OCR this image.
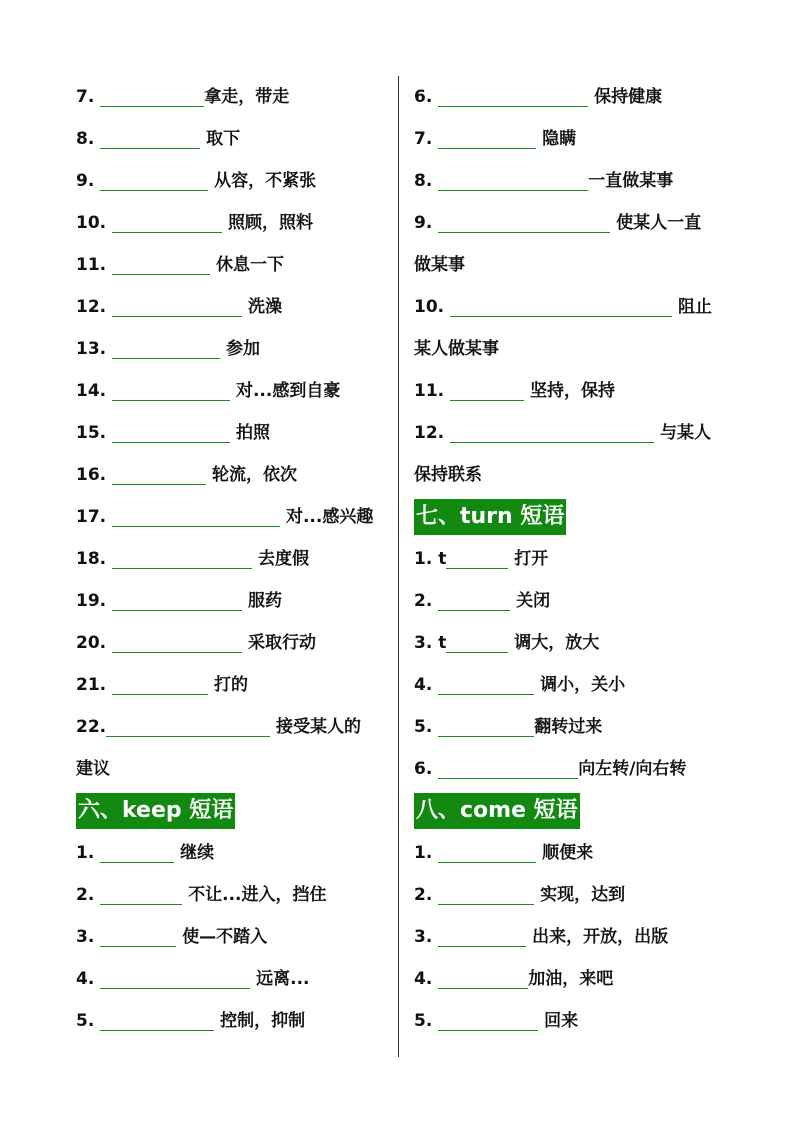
7.	拿走，带走
8.	取下
9.	从容，不紧张
10.	照顾，照料
11.	休息一下
12.	洗澡
13.	参加
14.	对...感到自豪
15.	拍照
16.	轮流，依次
17.	对...感兴趣
18.	去度假
19.	服药
20.	采取行动
21.	打的
22.	接受某人的
建议
六、keep 短语
1.	继续
2.	不让...进入，挡住
3.	使—不踏入
4.	远离...
5.	控制，抑制
6.	保持健康
7.	隐瞒
8.	一直做某事
9.	使某人一直
做某事
10.	阻止
某人做某事
11.	坚持，保持
12.	与某人
保持联系
七、turn 短语
1. t	打开
2.	关闭
3. t	调大，放大
4.	调小，关小
5.	翻转过来
6.	向左转/向右转
八、come 短语
1.	顺便来
2.	实现，达到
3.	出来，开放，出版
4.	加油，来吧
5.	回来
